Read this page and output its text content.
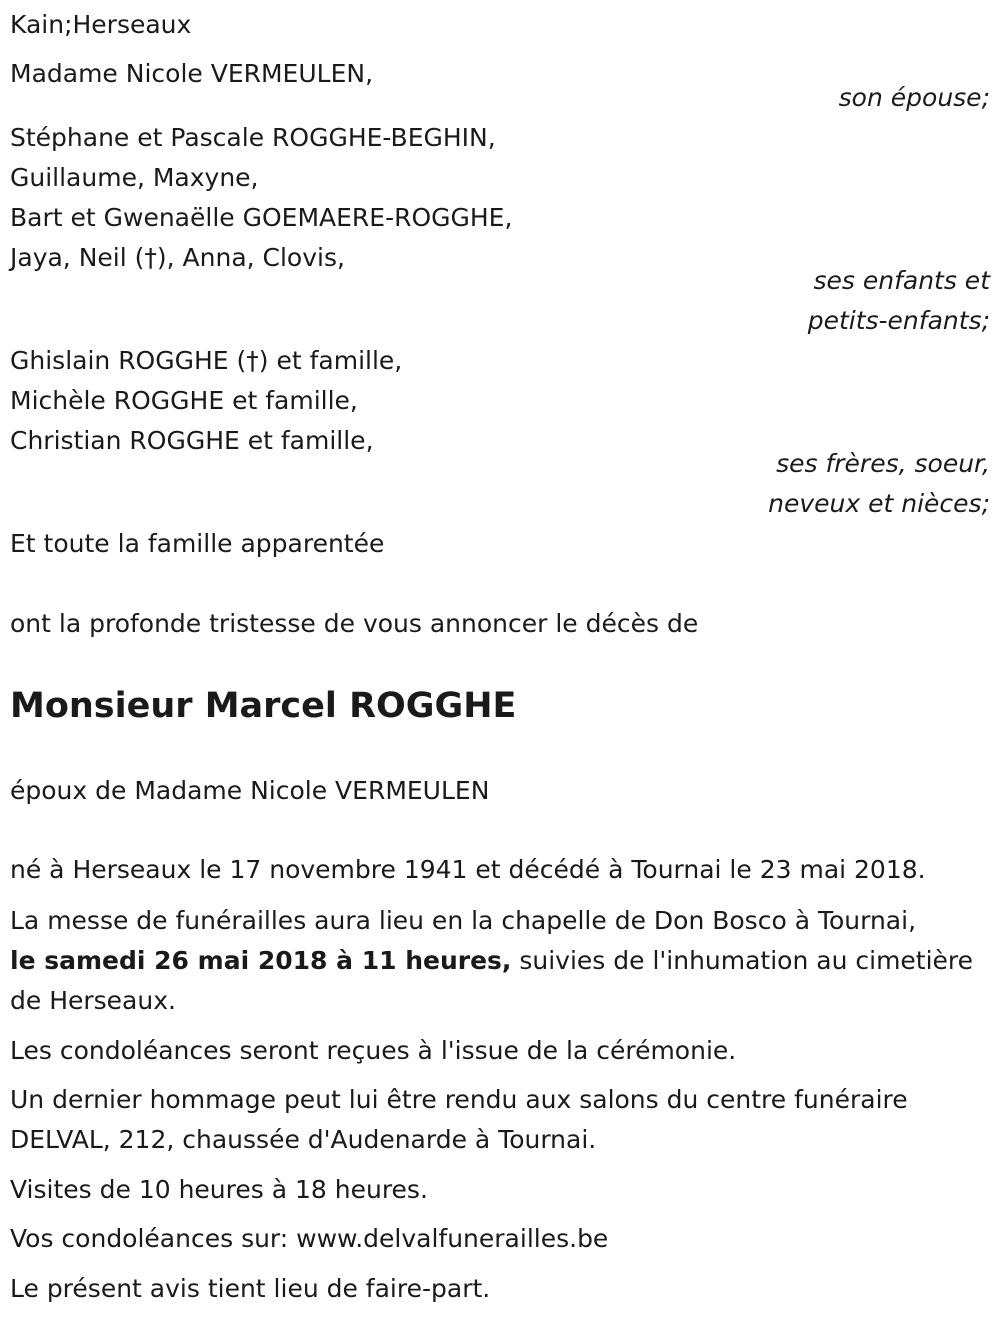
Kain;Herseaux
Madame Nicole VERMEULEN,
son épouse;
Stéphane et Pascale ROGGHE-BEGHIN,
Guillaume, Maxyne,
Bart et Gwenaëlle GOEMAERE-ROGGHE,
Jaya, Neil (†), Anna, Clovis,
ses enfants et
petits-enfants;
Ghislain ROGGHE (†) et famille,
Michèle ROGGHE et famille,
Christian ROGGHE et famille,
ses frères, soeur,
neveux et nièces;
Et toute la famille apparentée
ont la profonde tristesse de vous annoncer le décès de
Monsieur Marcel ROGGHE
époux de Madame Nicole VERMEULEN
né à Herseaux le 17 novembre 1941 et décédé à Tournai le 23 mai 2018.
La messe de funérailles aura lieu en la chapelle de Don Bosco à Tournai,
le samedi 26 mai 2018 à 11 heures, suivies de l'inhumation au cimetière
de Herseaux.
Les condoléances seront reçues à l'issue de la cérémonie.
Un dernier hommage peut lui être rendu aux salons du centre funéraire
DELVAL, 212, chaussée d'Audenarde à Tournai.
Visites de 10 heures à 18 heures.
Vos condoléances sur: www.delvalfunerailles.be
Le présent avis tient lieu de faire-part.
